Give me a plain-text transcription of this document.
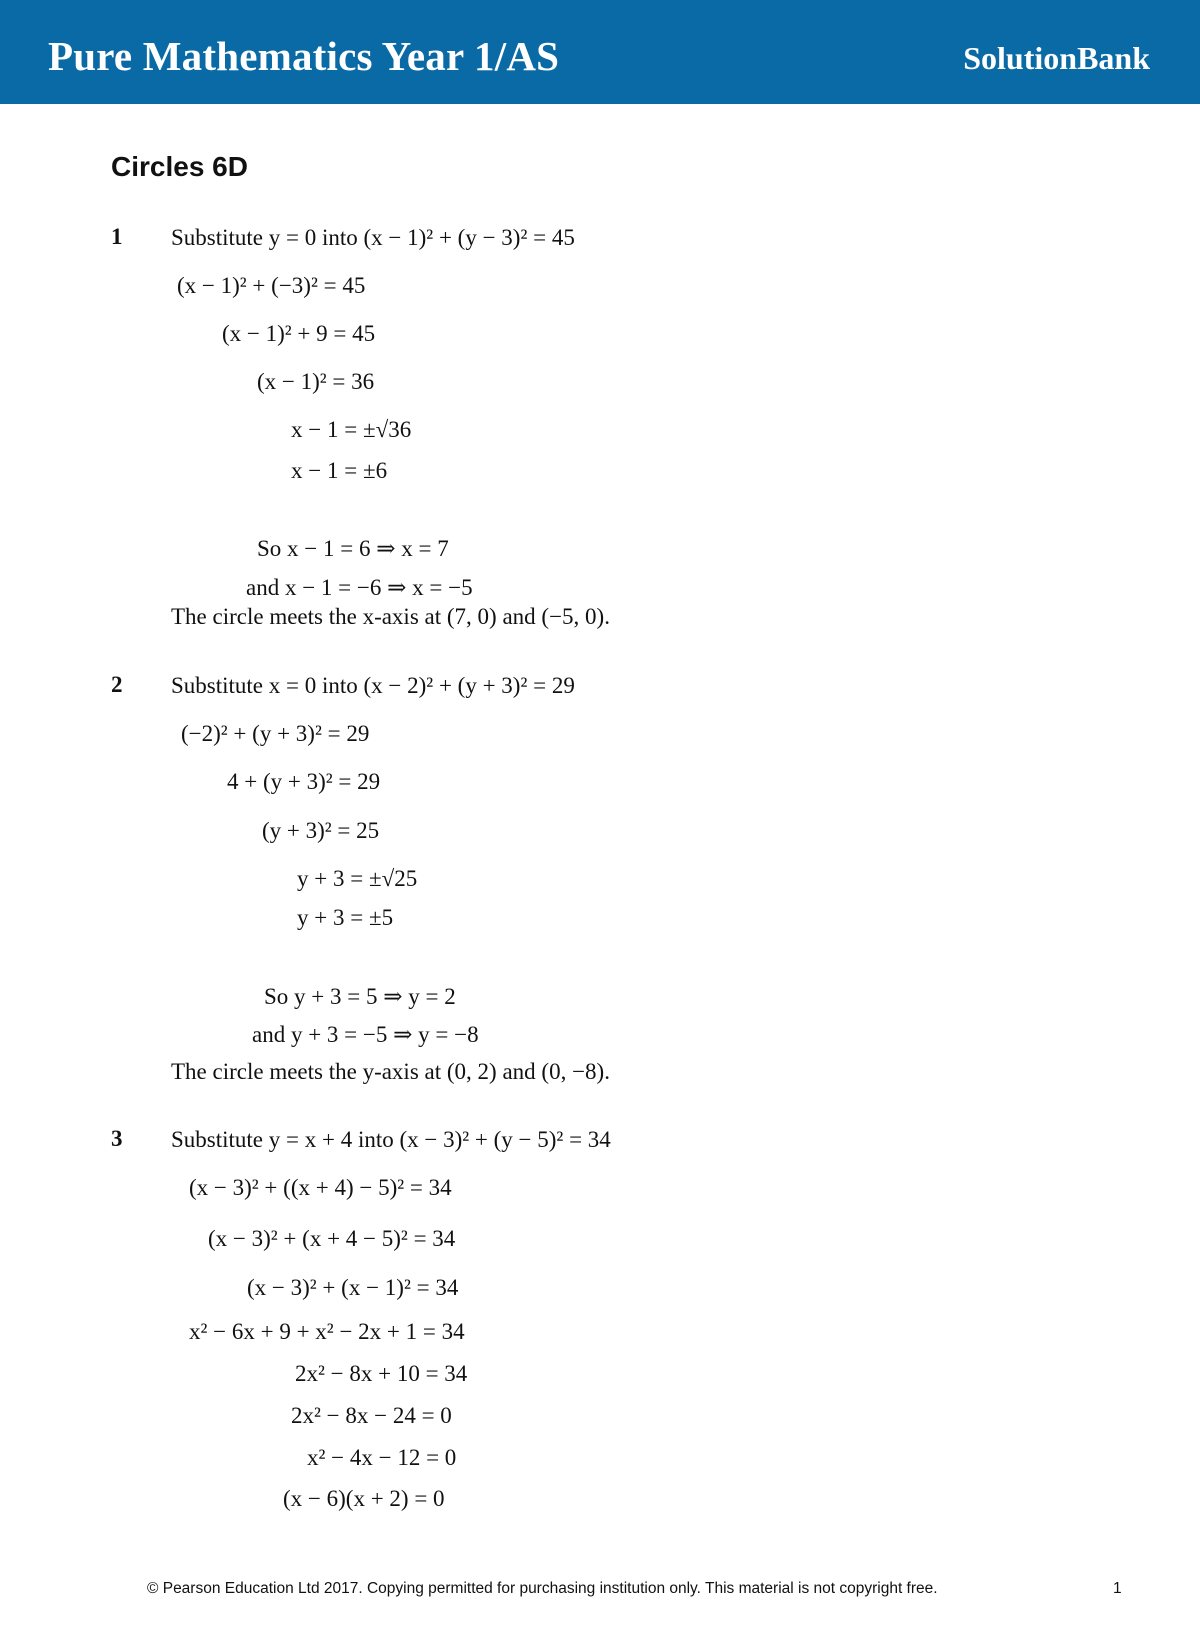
Pure Mathematics Year 1/AS	SolutionBank
Circles 6D
1 Substitute y = 0 into (x − 1)² + (y − 3)² = 45
(x − 1)² + (−3)² = 45
(x − 1)² + 9 = 45
(x − 1)² = 36
x − 1 = ±√36
x − 1 = ±6
So x − 1 = 6 ⇒ x = 7
and x − 1 = −6 ⇒ x = −5
The circle meets the x-axis at (7, 0) and (−5, 0).
2 Substitute x = 0 into (x − 2)² + (y + 3)² = 29
(−2)² + (y + 3)² = 29
4 + (y + 3)² = 29
(y + 3)² = 25
y + 3 = ±√25
y + 3 = ±5
So y + 3 = 5 ⇒ y = 2
and y + 3 = −5 ⇒ y = −8
The circle meets the y-axis at (0, 2) and (0, −8).
3 Substitute y = x + 4 into (x − 3)² + (y − 5)² = 34
(x − 3)² + ((x + 4) − 5)² = 34
(x − 3)² + (x + 4 − 5)² = 34
(x − 3)² + (x − 1)² = 34
x² − 6x + 9 + x² − 2x + 1 = 34
2x² − 8x + 10 = 34
2x² − 8x − 24 = 0
x² − 4x − 12 = 0
(x − 6)(x + 2) = 0
© Pearson Education Ltd 2017. Copying permitted for purchasing institution only. This material is not copyright free.	1
